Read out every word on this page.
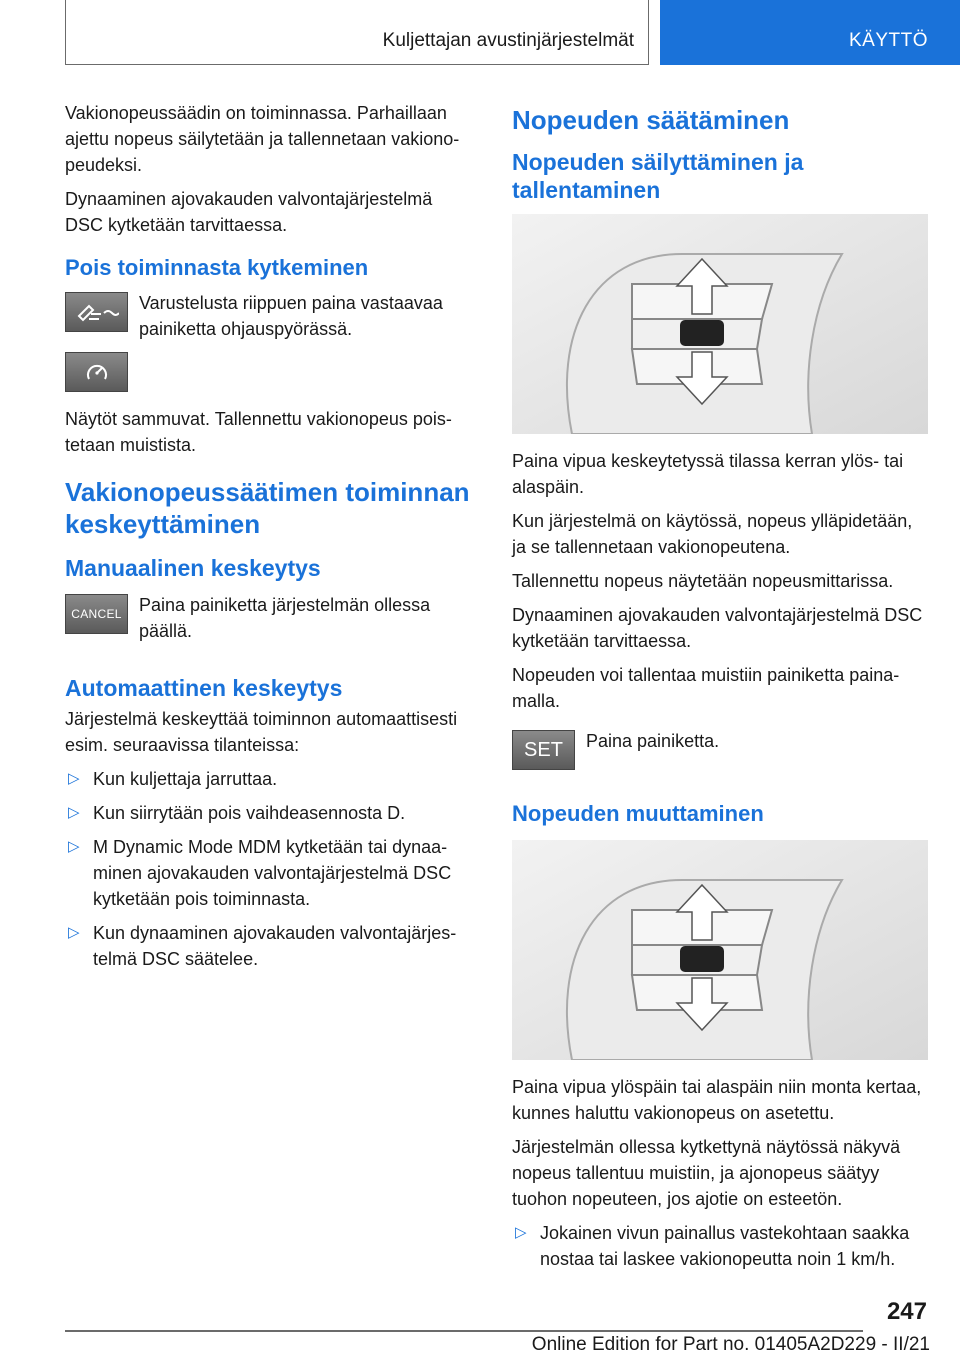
Kuljettajan avustinjärjestelmät	KÄYTTÖ

Vakionopeussäädin on toiminnassa. Parhaillaan ajettu nopeus säilytetään ja tallennetaan vakionopeudeksi.

Dynaaminen ajovakauden valvontajärjestelmä DSC kytketään tarvittaessa.

Pois toiminnasta kytkeminen

Varustelusta riippuen paina vastaavaa painiketta ohjauspyörässä.

Näytöt sammuvat. Tallennettu vakionopeus poistetaan muistista.

Vakionopeussäätimen toiminnan keskeyttäminen
Manuaalinen keskeytys
CANCEL Paina painiketta järjestelmän ollessa päällä.

Automaattinen keskeytys

Järjestelmä keskeyttää toiminnon automaattisesti esim. seuraavissa tilanteissa:

▷ Kun kuljettaja jarruttaa.
▷ Kun siirrytään pois vaihdeasennosta D.
▷ M Dynamic Mode MDM kytketään tai dynaaminen ajovakauden valvontajärjestelmä DSC kytketään pois toiminnasta.
▷ Kun dynaaminen ajovakauden valvontajärjestelmä DSC säätelee.
Nopeuden säätäminen
Nopeuden säilyttäminen ja tallentaminen

Paina vipua keskeytetyssä tilassa kerran ylös- tai alaspäin.

Kun järjestelmä on käytössä, nopeus ylläpidetään, ja se tallennetaan vakionopeutena.

Tallennettu nopeus näytetään nopeusmittarissa.

Dynaaminen ajovakauden valvontajärjestelmä DSC kytketään tarvittaessa.

Nopeuden voi tallentaa muistiin painiketta painamalla.

SET	Paina painiketta.

Nopeuden muuttaminen

Paina vipua ylöspäin tai alaspäin niin monta kertaa, kunnes haluttu vakionopeus on asetettu.

Järjestelmän ollessa kytkettynä näytössä näkyvä nopeus tallentuu muistiin, ja ajonopeus säätyy tuohon nopeuteen, jos ajotie on esteetön.

▷ Jokainen vivun painallus vastekohtaan saakka nostaa tai laskee vakionopeutta noin 1 km/h.
247
Online Edition for Part no. 01405A2D229 - II/21
